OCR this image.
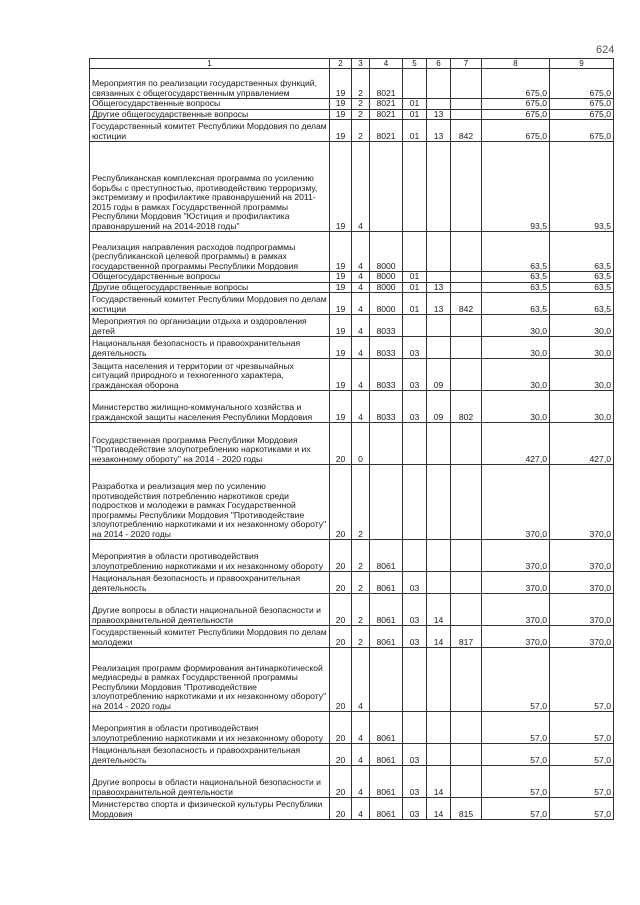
624
1	2	3	4	5	6	7	8	9
Мероприятия по реализации государственных функций, связанных с общегосударственным управлением	19	2	8021				675,0	675,0

Общегосударственные вопросы	19	2	8021	01			675,0	675,0

Другие общегосударственные вопросы	19	2	8021	01	13		675,0	675,0

Государственный комитет Республики Мордовия по делам юстиции	19	2	8021	01	13	842	675,0	675,0

Республиканская комплексная программа по усилению борьбы с преступностью, противодействию терроризму, экстремизму и профилактике правонарушений на 2011-2015 годы в рамках Государственной программы Республики Мордовия "Юстиция и профилактика правонарушений на 2014-2018 годы"	19	4					93,5	93,5

Реализация направления расходов подпрограммы (республиканской целевой программы) в рамках государственной программы Республики Мордовия	19	4	8000				63,5	63,5

Общегосударственные вопросы	19	4	8000	01			63,5	63,5

Другие общегосударственные вопросы	19	4	8000	01	13		63,5	63,5

Государственный комитет Республики Мордовия по делам юстиции	19	4	8000	01	13	842	63,5	63,5

Мероприятия по организации отдыха и оздоровления детей	19	4	8033				30,0	30,0

Национальная безопасность и правоохранительная деятельность	19	4	8033	03			30,0	30,0

Защита населения и территории от чрезвычайных ситуаций природного и техногенного характера, гражданская оборона	19	4	8033	03	09		30,0	30,0

Министерство жилищно-коммунального хозяйства и гражданской защиты населения Республики Мордовия	19	4	8033	03	09	802	30,0	30,0

Государственная программа Республики Мордовия "Противодействие злоупотреблению наркотиками и их незаконному обороту" на 2014 - 2020 годы	20	0					427,0	427,0

Разработка и реализация мер по усилению противодействия потреблению наркотиков среди подростков и молодежи в рамках Государственной программы Республики Мордовия "Противодействие злоупотреблению наркотиками и их незаконному обороту" на 2014 - 2020 годы	20	2					370,0	370,0

Мероприятия в области противодействия злоупотреблению наркотиками и их незаконному обороту	20	2	8061				370,0	370,0

Национальная безопасность и правоохранительная деятельность	20	2	8061	03			370,0	370,0

Другие вопросы в области национальной безопасности и правоохранительной деятельности	20	2	8061	03	14		370,0	370,0

Государственный комитет Республики Мордовия по делам молодежи	20	2	8061	03	14	817	370,0	370,0

Реализация программ формирования антинаркотической медиасреды в рамках Государственной программы Республики Мордовия "Противодействие злоупотреблению наркотиками и их незаконному обороту" на 2014 - 2020 годы	20	4					57,0	57,0

Мероприятия в области противодействия злоупотреблению наркотиками и их незаконному обороту	20	4	8061				57,0	57,0

Национальная безопасность и правоохранительная деятельность	20	4	8061	03			57,0	57,0

Другие вопросы в области национальной безопасности и правоохранительной деятельности	20	4	8061	03	14		57,0	57,0

Министерство спорта и физической культуры Республики Мордовия	20	4	8061	03	14	815	57,0	57,0
